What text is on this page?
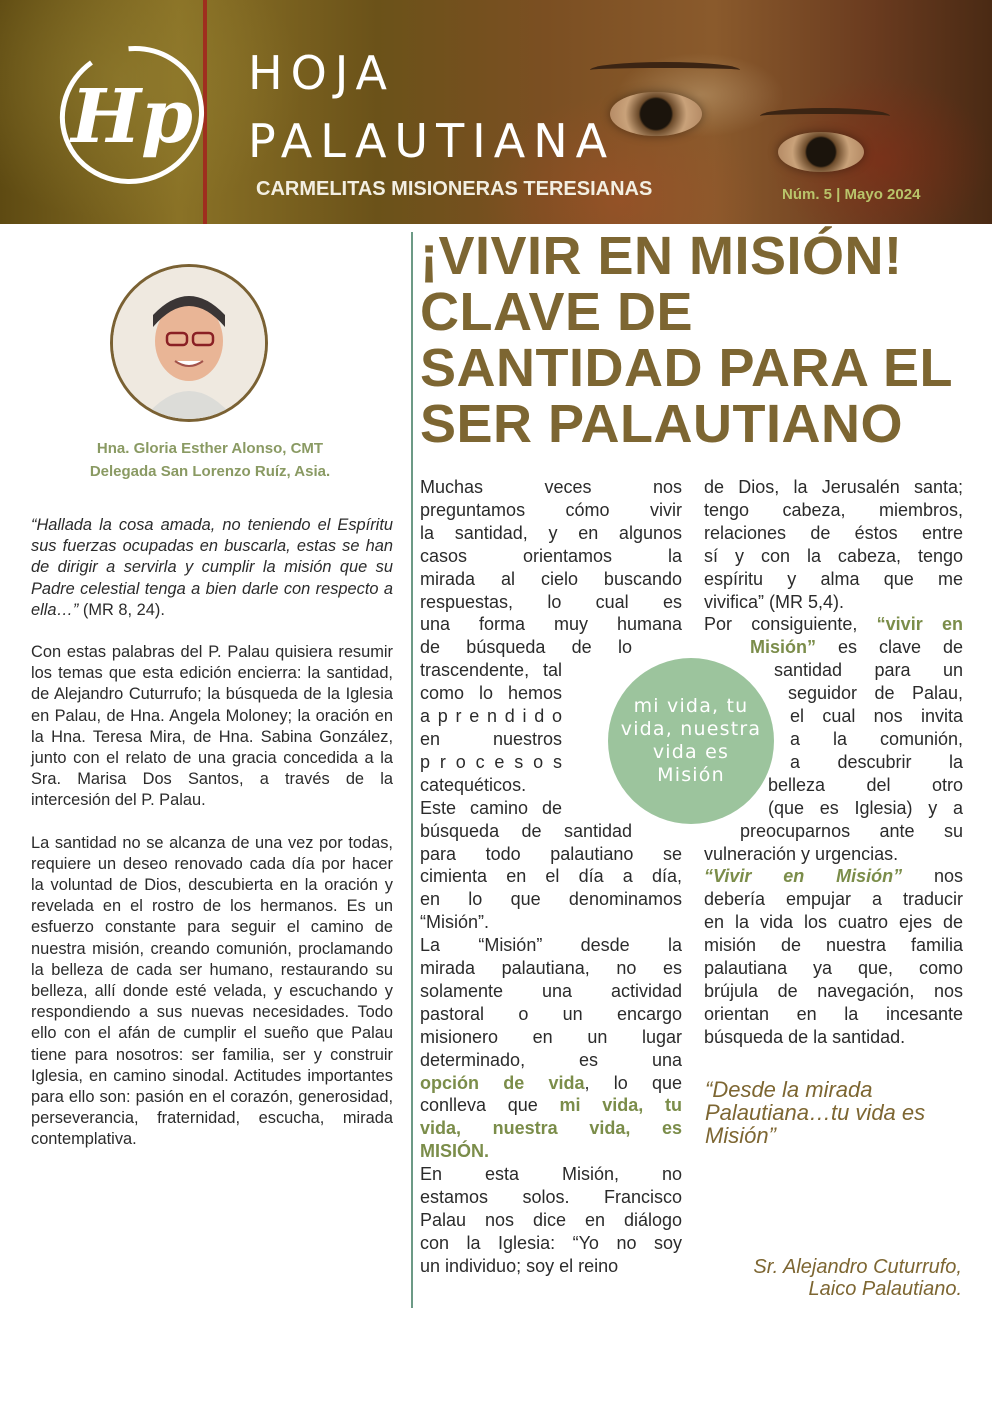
Hp
HOJA
PALAUTIANA
CARMELITAS MISIONERAS TERESIANAS	Núm. 5 | Mayo 2024
Hna. Gloria Esther Alonso, CMT
Delegada San Lorenzo Ruíz, Asia.

“Hallada la cosa amada, no teniendo el Espíritu sus fuerzas ocupadas en buscarla, estas se han de dirigir a servirla y cumplir la misión que su Padre celestial tenga a bien darle con respecto a ella…” (MR 8, 24).

Con estas palabras del P. Palau quisiera resumir los temas que esta edición encierra: la santidad, de Alejandro Cuturrufo; la búsqueda de la Iglesia en Palau, de Hna. Angela Moloney; la oración en la Hna. Teresa Mira, de Hna. Sabina González, junto con el relato de una gracia concedida a la Sra. Marisa Dos Santos, a través de la intercesión del P. Palau.

La santidad no se alcanza de una vez por todas, requiere un deseo renovado cada día por hacer la voluntad de Dios, descubierta en la oración y revelada en el rostro de los hermanos. Es un esfuerzo constante para seguir el camino de nuestra misión, creando comunión, proclamando la belleza de cada ser humano, restaurando su belleza, allí donde esté velada, y escuchando y respondiendo a sus nuevas necesidades. Todo ello con el afán de cumplir el sueño que Palau tiene para nosotros: ser familia, ser y construir Iglesia, en camino sinodal. Actitudes importantes para ello son: pasión en el corazón, generosidad, perseverancia, fraternidad, escucha, mirada contemplativa.

¡VIVIR EN MISIÓN!
CLAVE DE
SANTIDAD PARA EL
SER PALAUTIANO

Muchas veces nos

preguntamos cómo vivir

la santidad, y en algunos

casos orientamos la

mirada al cielo buscando

respuestas, lo cual es

una forma muy humana

de búsqueda de lo

trascendente, tal

como lo hemos

a p r e n d i d o

en nuestros

p r o c e s o s

catequéticos.

Este camino de

búsqueda de santidad

para todo palautiano se

cimienta en el día a día,

en lo que denominamos

“Misión”.

La “Misión” desde la

mirada palautiana, no es

solamente una actividad

pastoral o un encargo

misionero en un lugar

determinado, es una

opción de vida, lo que

conlleva que mi vida, tu

vida, nuestra vida, es

MISIÓN.

En esta Misión, no

estamos solos. Francisco

Palau nos dice en diálogo

con la Iglesia: “Yo no soy

un individuo; soy el reino

de Dios, la Jerusalén santa;

tengo cabeza, miembros,

relaciones de éstos entre

sí y con la cabeza, tengo

espíritu y alma que me

vivifica” (MR 5,4).

Por consiguiente, “vivir en

Misión” es clave de

santidad para un

seguidor de Palau,

el cual nos invita

a la comunión,

a descubrir la

belleza del otro

(que es Iglesia) y a

preocuparnos ante su

vulneración y urgencias.

“Vivir en Misión” nos

debería empujar a traducir

en la vida los cuatro ejes de

misión de nuestra familia

palautiana ya que, como

brújula de navegación, nos

orientan en la incesante

búsqueda de la santidad.

mi vida, tu vida, nuestra vida es Misión
“Desde la mirada Palautiana…tu vida es Misión”
Sr. Alejandro Cuturrufo,
Laico Palautiano.
